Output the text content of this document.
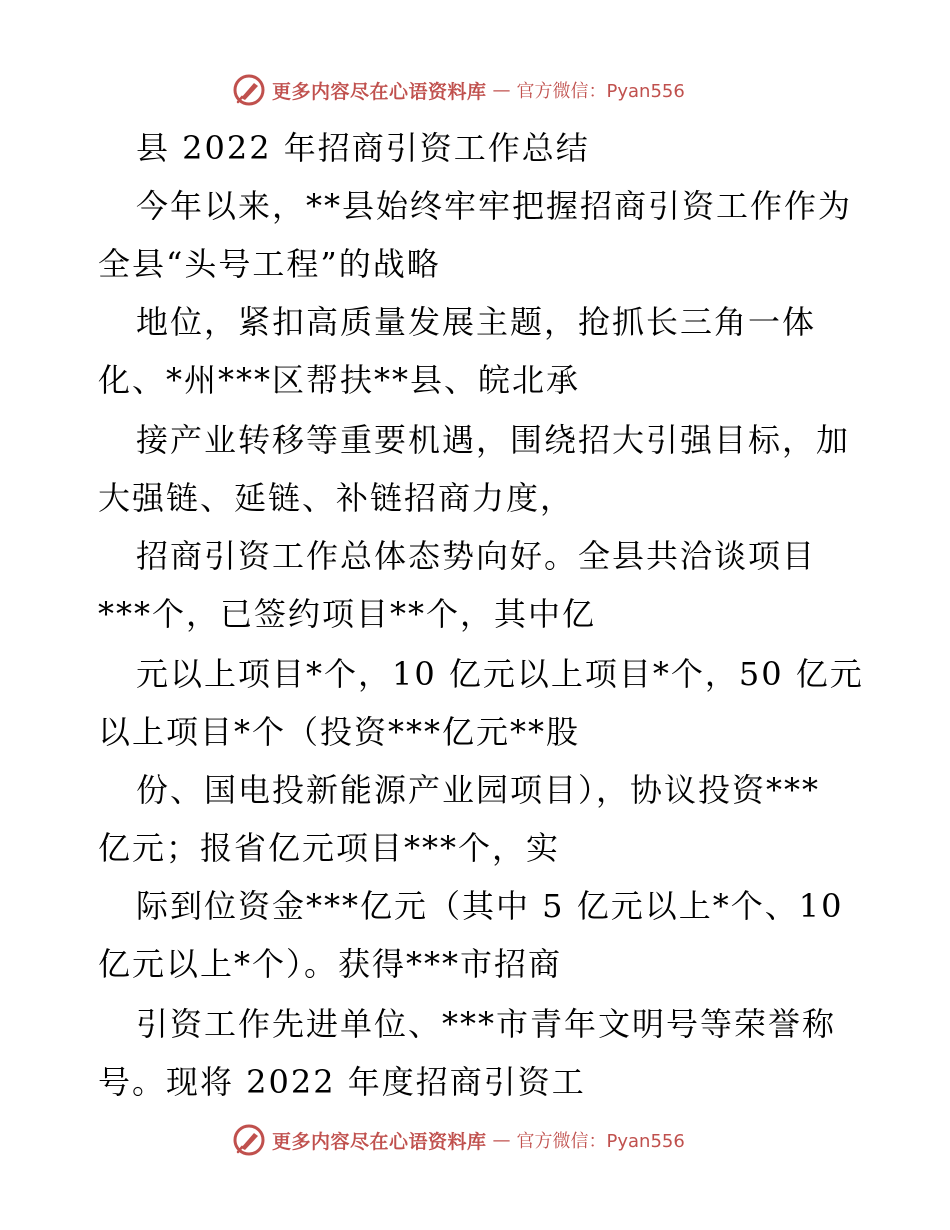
更多内容尽在心语资料库 — 官方微信：Pyan556
县 2022 年招商引资工作总结
今年以来，**县始终牢牢把握招商引资工作作为
全县“头号工程”的战略
地位，紧扣高质量发展主题，抢抓长三角一体
化、*州***区帮扶**县、皖北承
接产业转移等重要机遇，围绕招大引强目标，加
大强链、延链、补链招商力度，
招商引资工作总体态势向好。全县共洽谈项目
***个，已签约项目**个，其中亿
元以上项目*个，10 亿元以上项目*个，50 亿元
以上项目*个（投资***亿元**股
份、国电投新能源产业园项目），协议投资***
亿元；报省亿元项目***个，实
际到位资金***亿元（其中 5 亿元以上*个、10
亿元以上*个）。获得***市招商
引资工作先进单位、***市青年文明号等荣誉称
号。现将 2022 年度招商引资工
更多内容尽在心语资料库 — 官方微信：Pyan556
